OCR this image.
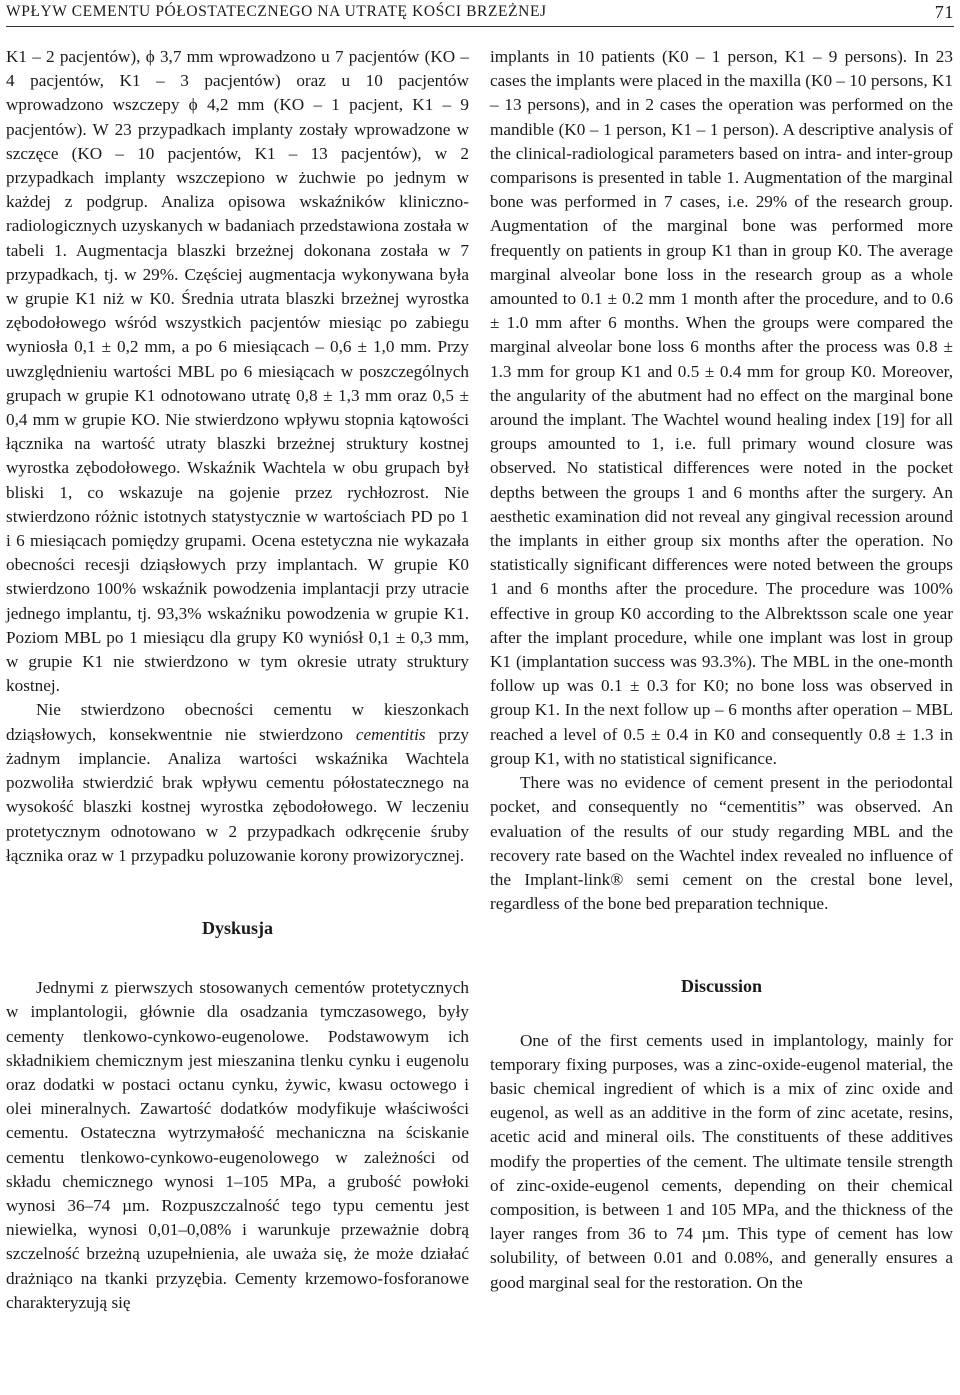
WPŁYW CEMENTU PÓŁOSTATECZNEGO NA UTRATĘ KOŚCI BRZEŻNEJ	71

K1 – 2 pacjentów), ϕ 3,7 mm wprowadzono u 7 pacjentów (KO – 4 pacjentów, K1 – 3 pacjentów) oraz u 10 pacjentów wprowadzono wszczepy ϕ 4,2 mm (KO – 1 pacjent, K1 – 9 pacjentów). W 23 przypadkach implanty zostały wprowadzone w szczęce (KO – 10 pacjentów, K1 – 13 pacjentów), w 2 przypadkach implanty wszczepiono w żuchwie po jednym w każdej z podgrup. Analiza opisowa wskaźników kliniczno-radiologicznych uzyskanych w badaniach przedstawiona została w tabeli 1. Augmentacja blaszki brzeżnej dokonana została w 7 przypadkach, tj. w 29%. Częściej augmentacja wykonywana była w grupie K1 niż w K0. Średnia utrata blaszki brzeżnej wyrostka zębodołowego wśród wszystkich pacjentów miesiąc po zabiegu wyniosła 0,1 ± 0,2 mm, a po 6 miesiącach – 0,6 ± 1,0 mm. Przy uwzględnieniu wartości MBL po 6 miesiącach w poszczególnych grupach w grupie K1 odnotowano utratę 0,8 ± 1,3 mm oraz 0,5 ± 0,4 mm w grupie KO. Nie stwierdzono wpływu stopnia kątowości łącznika na wartość utraty blaszki brzeżnej struktury kostnej wyrostka zębodołowego. Wskaźnik Wachtela w obu grupach był bliski 1, co wskazuje na gojenie przez rychłozrost. Nie stwierdzono różnic istotnych statystycznie w wartościach PD po 1 i 6 miesiącach pomiędzy grupami. Ocena estetyczna nie wykazała obecności recesji dziąsłowych przy implantach. W grupie K0 stwierdzono 100% wskaźnik powodzenia implantacji przy utracie jednego implantu, tj. 93,3% wskaźniku powodzenia w grupie K1. Poziom MBL po 1 miesiącu dla grupy K0 wyniósł 0,1 ± 0,3 mm, w grupie K1 nie stwierdzono w tym okresie utraty struktury kostnej.

Nie stwierdzono obecności cementu w kieszonkach dziąsłowych, konsekwentnie nie stwierdzono cementitis przy żadnym implancie. Analiza wartości wskaźnika Wachtela pozwoliła stwierdzić brak wpływu cementu półostatecznego na wysokość blaszki kostnej wyrostka zębodołowego. W leczeniu protetycznym odnotowano w 2 przypadkach odkręcenie śruby łącznika oraz w 1 przypadku poluzowanie korony prowizorycznej.

Dyskusja

Jednymi z pierwszych stosowanych cementów protetycznych w implantologii, głównie dla osadzania tymczasowego, były cementy tlenkowo-cynkowo-eugenolowe. Podstawowym ich składnikiem chemicznym jest mieszanina tlenku cynku i eugenolu oraz dodatki w postaci octanu cynku, żywic, kwasu octowego i olei mineralnych. Zawartość dodatków modyfikuje właściwości cementu. Ostateczna wytrzymałość mechaniczna na ściskanie cementu tlenkowo-cynkowo-eugenolowego w zależności od składu chemicznego wynosi 1–105 MPa, a grubość powłoki wynosi 36–74 µm. Rozpuszczalność tego typu cementu jest niewielka, wynosi 0,01–0,08% i warunkuje przeważnie dobrą szczelność brzeżną uzupełnienia, ale uważa się, że może działać drażniąco na tkanki przyzębia. Cementy krzemowo-fosforanowe charakteryzują się

implants in 10 patients (K0 – 1 person, K1 – 9 persons). In 23 cases the implants were placed in the maxilla (K0 – 10 persons, K1 – 13 persons), and in 2 cases the operation was performed on the mandible (K0 – 1 person, K1 – 1 person). A descriptive analysis of the clinical-radiological parameters based on intra- and inter-group comparisons is presented in table 1. Augmentation of the marginal bone was performed in 7 cases, i.e. 29% of the research group. Augmentation of the marginal bone was performed more frequently on patients in group K1 than in group K0. The average marginal alveolar bone loss in the research group as a whole amounted to 0.1 ± 0.2 mm 1 month after the procedure, and to 0.6 ± 1.0 mm after 6 months. When the groups were compared the marginal alveolar bone loss 6 months after the process was 0.8 ± 1.3 mm for group K1 and 0.5 ± 0.4 mm for group K0. Moreover, the angularity of the abutment had no effect on the marginal bone around the implant. The Wachtel wound healing index [19] for all groups amounted to 1, i.e. full primary wound closure was observed. No statistical differences were noted in the pocket depths between the groups 1 and 6 months after the surgery. An aesthetic examination did not reveal any gingival recession around the implants in either group six months after the operation. No statistically significant differences were noted between the groups 1 and 6 months after the procedure. The procedure was 100% effective in group K0 according to the Albrektsson scale one year after the implant procedure, while one implant was lost in group K1 (implantation success was 93.3%). The MBL in the one-month follow up was 0.1 ± 0.3 for K0; no bone loss was observed in group K1. In the next follow up – 6 months after operation – MBL reached a level of 0.5 ± 0.4 in K0 and consequently 0.8 ± 1.3 in group K1, with no statistical significance.

There was no evidence of cement present in the periodontal pocket, and consequently no “cementitis” was observed. An evaluation of the results of our study regarding MBL and the recovery rate based on the Wachtel index revealed no influence of the Implant-link® semi cement on the crestal bone level, regardless of the bone bed preparation technique.

Discussion

One of the first cements used in implantology, mainly for temporary fixing purposes, was a zinc-oxide-eugenol material, the basic chemical ingredient of which is a mix of zinc oxide and eugenol, as well as an additive in the form of zinc acetate, resins, acetic acid and mineral oils. The constituents of these additives modify the properties of the cement. The ultimate tensile strength of zinc-oxide-eugenol cements, depending on their chemical composition, is between 1 and 105 MPa, and the thickness of the layer ranges from 36 to 74 µm. This type of cement has low solubility, of between 0.01 and 0.08%, and generally ensures a good marginal seal for the restoration. On the
